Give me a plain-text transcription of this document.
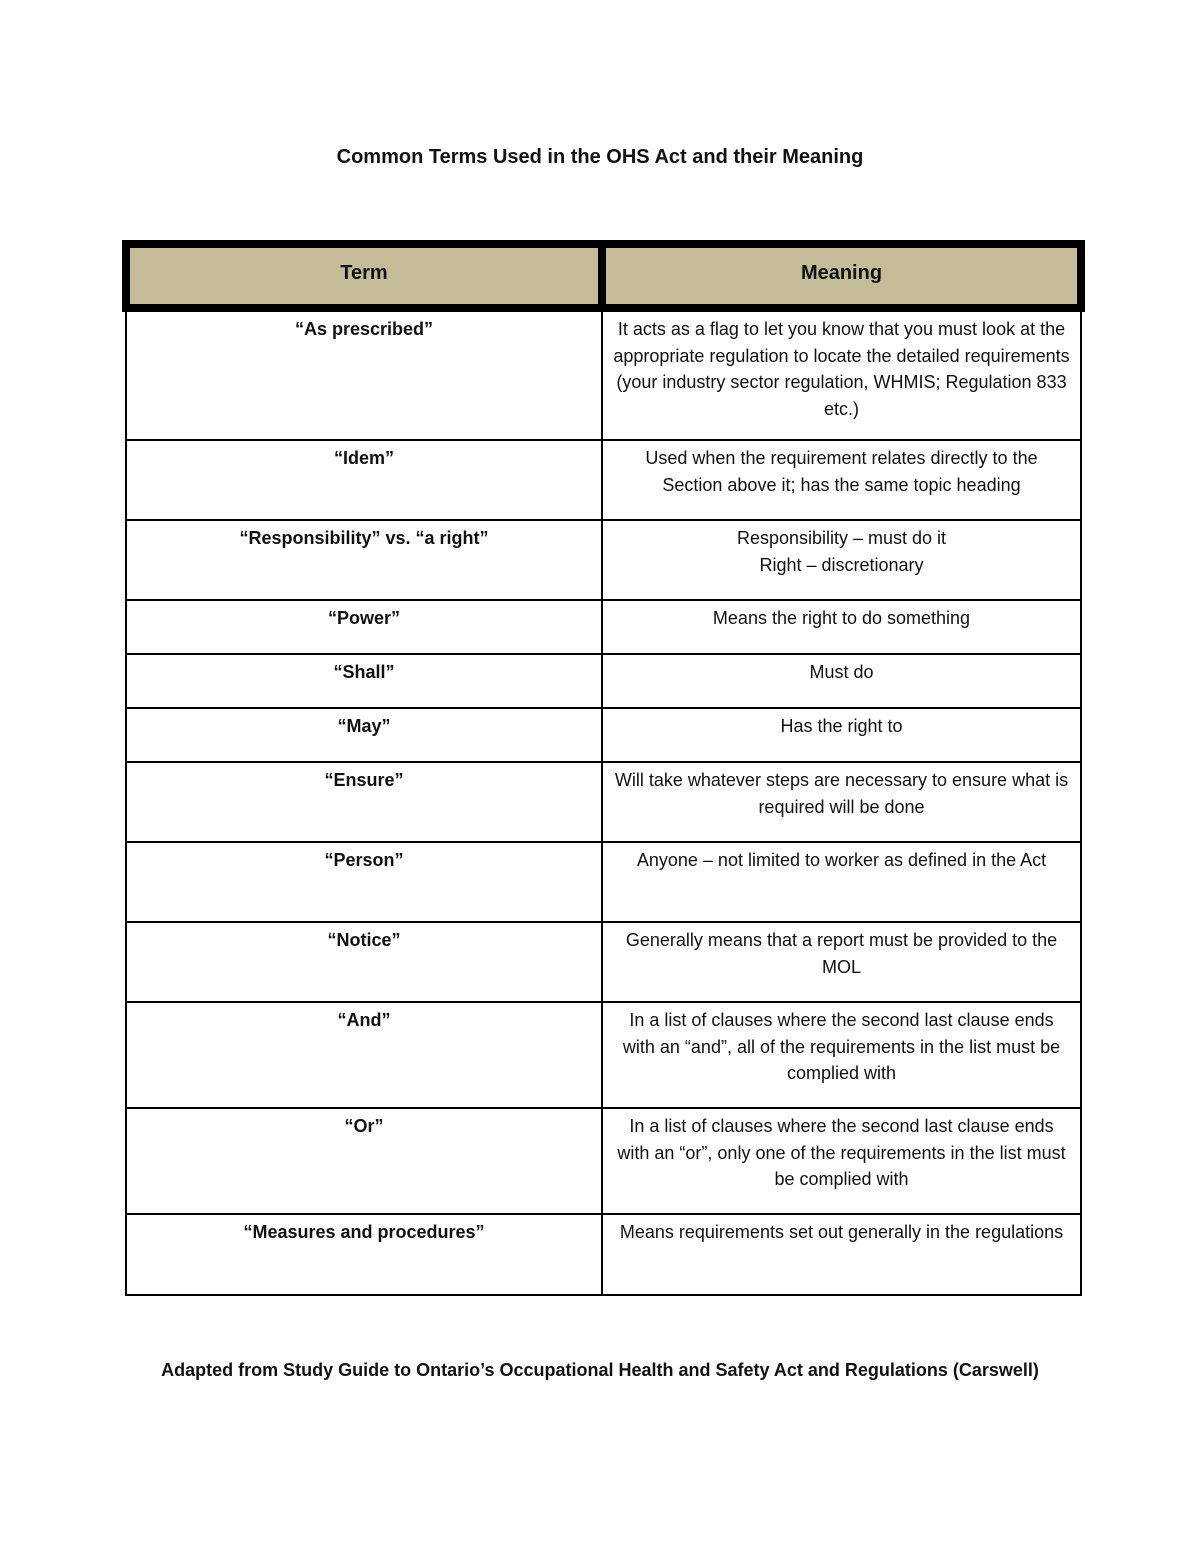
Common Terms Used in the OHS Act and their Meaning
Term	Meaning
“As prescribed”	It acts as a flag to let you know that you must look at the appropriate regulation to locate the detailed requirements (your industry sector regulation, WHMIS; Regulation 833 etc.)
“Idem”	Used when the requirement relates directly to the Section above it; has the same topic heading
“Responsibility” vs. “a right”	Responsibility – must do it
Right – discretionary

“Power”	Means the right to do something
“Shall”	Must do
“May”	Has the right to
“Ensure”	Will take whatever steps are necessary to ensure what is required will be done
“Person”	Anyone – not limited to worker as defined in the Act
“Notice”	Generally means that a report must be provided to the MOL
“And”	In a list of clauses where the second last clause ends with an “and”, all of the requirements in the list must be complied with
“Or”	In a list of clauses where the second last clause ends with an “or”, only one of the requirements in the list must be complied with
“Measures and procedures”	Means requirements set out generally in the regulations
Adapted from Study Guide to Ontario’s Occupational Health and Safety Act and Regulations (Carswell)
